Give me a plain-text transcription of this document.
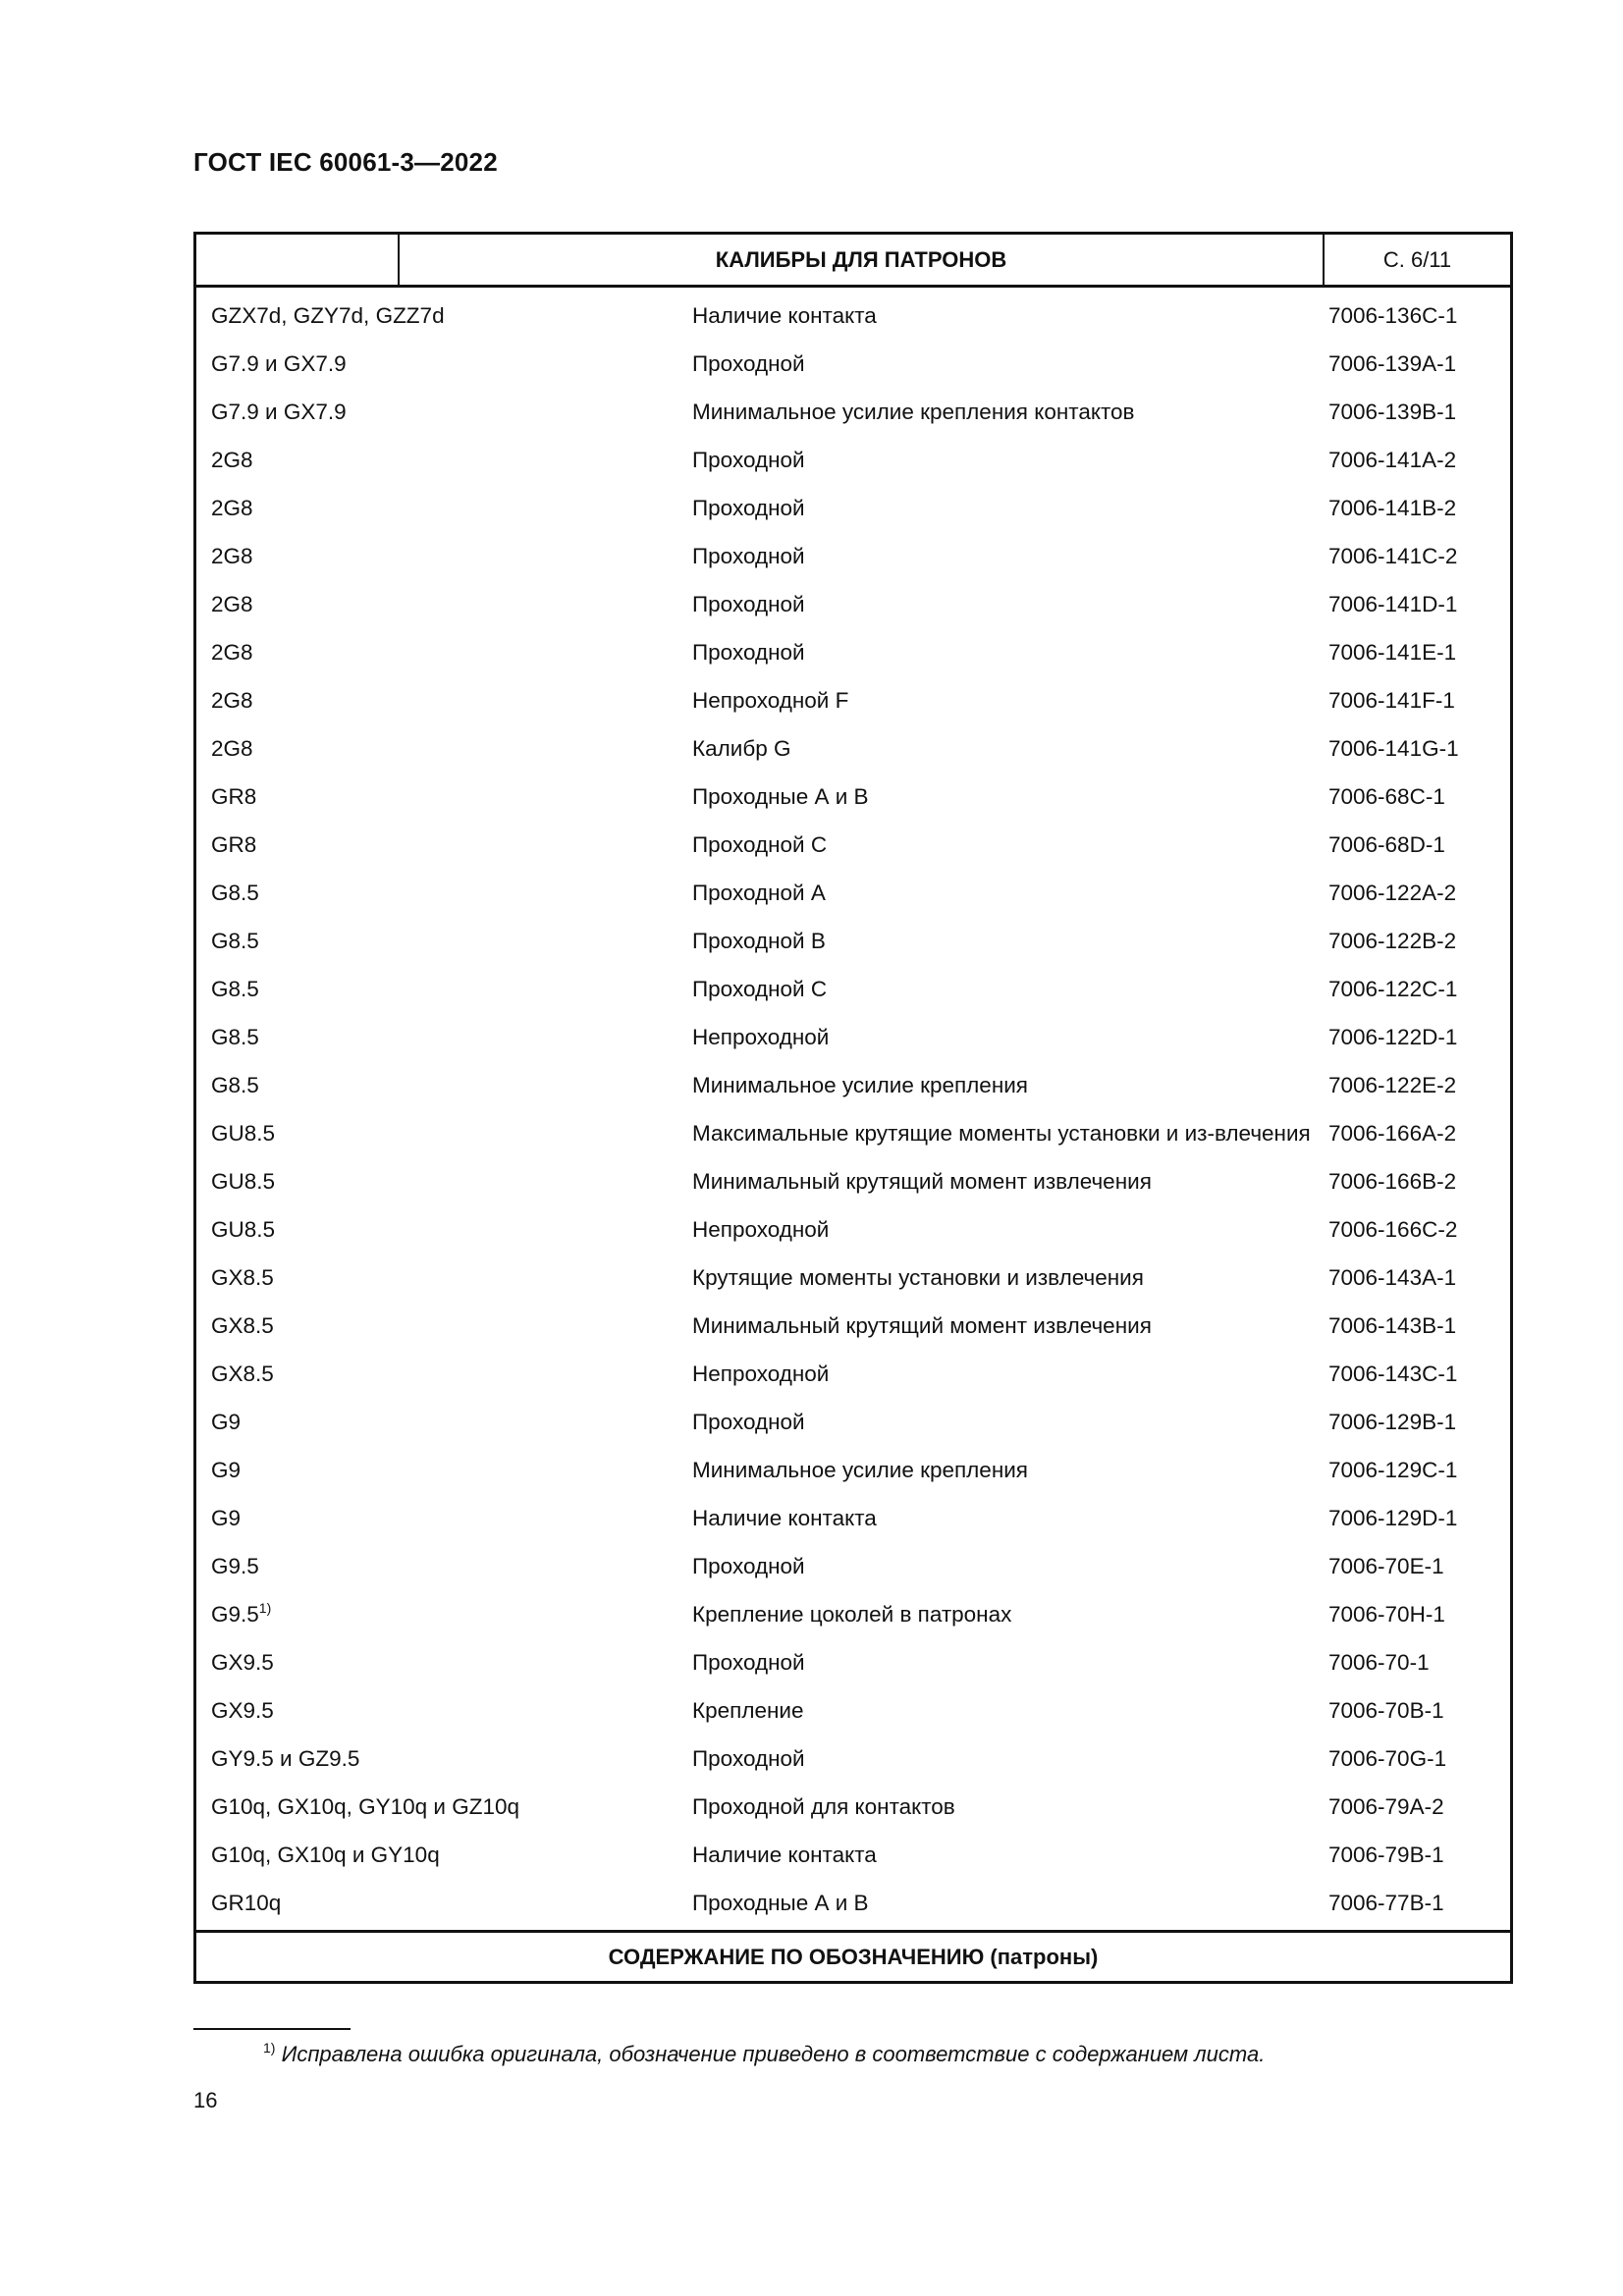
ГОСТ IEC 60061-3—2022
КАЛИБРЫ ДЛЯ ПАТРОНОВ	С. 6/11
GZX7d, GZY7d, GZZ7d	Наличие контакта	7006-136C-1
G7.9 и GX7.9	Проходной	7006-139A-1
G7.9 и GX7.9	Минимальное усилие крепления контактов	7006-139B-1
2G8	Проходной	7006-141A-2
2G8	Проходной	7006-141B-2
2G8	Проходной	7006-141C-2
2G8	Проходной	7006-141D-1
2G8	Проходной	7006-141E-1
2G8	Непроходной F	7006-141F-1
2G8	Калибр G	7006-141G-1
GR8	Проходные А и В	7006-68C-1
GR8	Проходной С	7006-68D-1
G8.5	Проходной А	7006-122A-2
G8.5	Проходной В	7006-122B-2
G8.5	Проходной С	7006-122C-1
G8.5	Непроходной	7006-122D-1
G8.5	Минимальное усилие крепления	7006-122E-2
GU8.5	Максимальные крутящие моменты установки и из-влечения 7006-166A-2
GU8.5	Минимальный крутящий момент извлечения	7006-166B-2
GU8.5	Непроходной	7006-166C-2
GX8.5	Крутящие моменты установки и извлечения	7006-143A-1
GX8.5	Минимальный крутящий момент извлечения	7006-143B-1
GX8.5	Непроходной	7006-143C-1
G9	Проходной	7006-129B-1
G9	Минимальное усилие крепления	7006-129C-1
G9	Наличие контакта	7006-129D-1
G9.5	Проходной	7006-70E-1
G9.5$^{1)}$	Крепление цоколей в патронах	7006-70H-1
GX9.5	Проходной	7006-70-1
GX9.5	Крепление	7006-70B-1
GY9.5 и GZ9.5	Проходной	7006-70G-1
G10q, GX10q, GY10q и GZ10q	Проходной для контактов	7006-79A-2
G10q, GX10q и GY10q	Наличие контакта	7006-79B-1
GR10q	Проходные А и В	7006-77B-1
СОДЕРЖАНИЕ ПО ОБОЗНАЧЕНИЮ
(патроны)
$^{1)}$ Исправлена ошибка оригинала, обозначение приведено в соответствие с содержанием листа.
16
